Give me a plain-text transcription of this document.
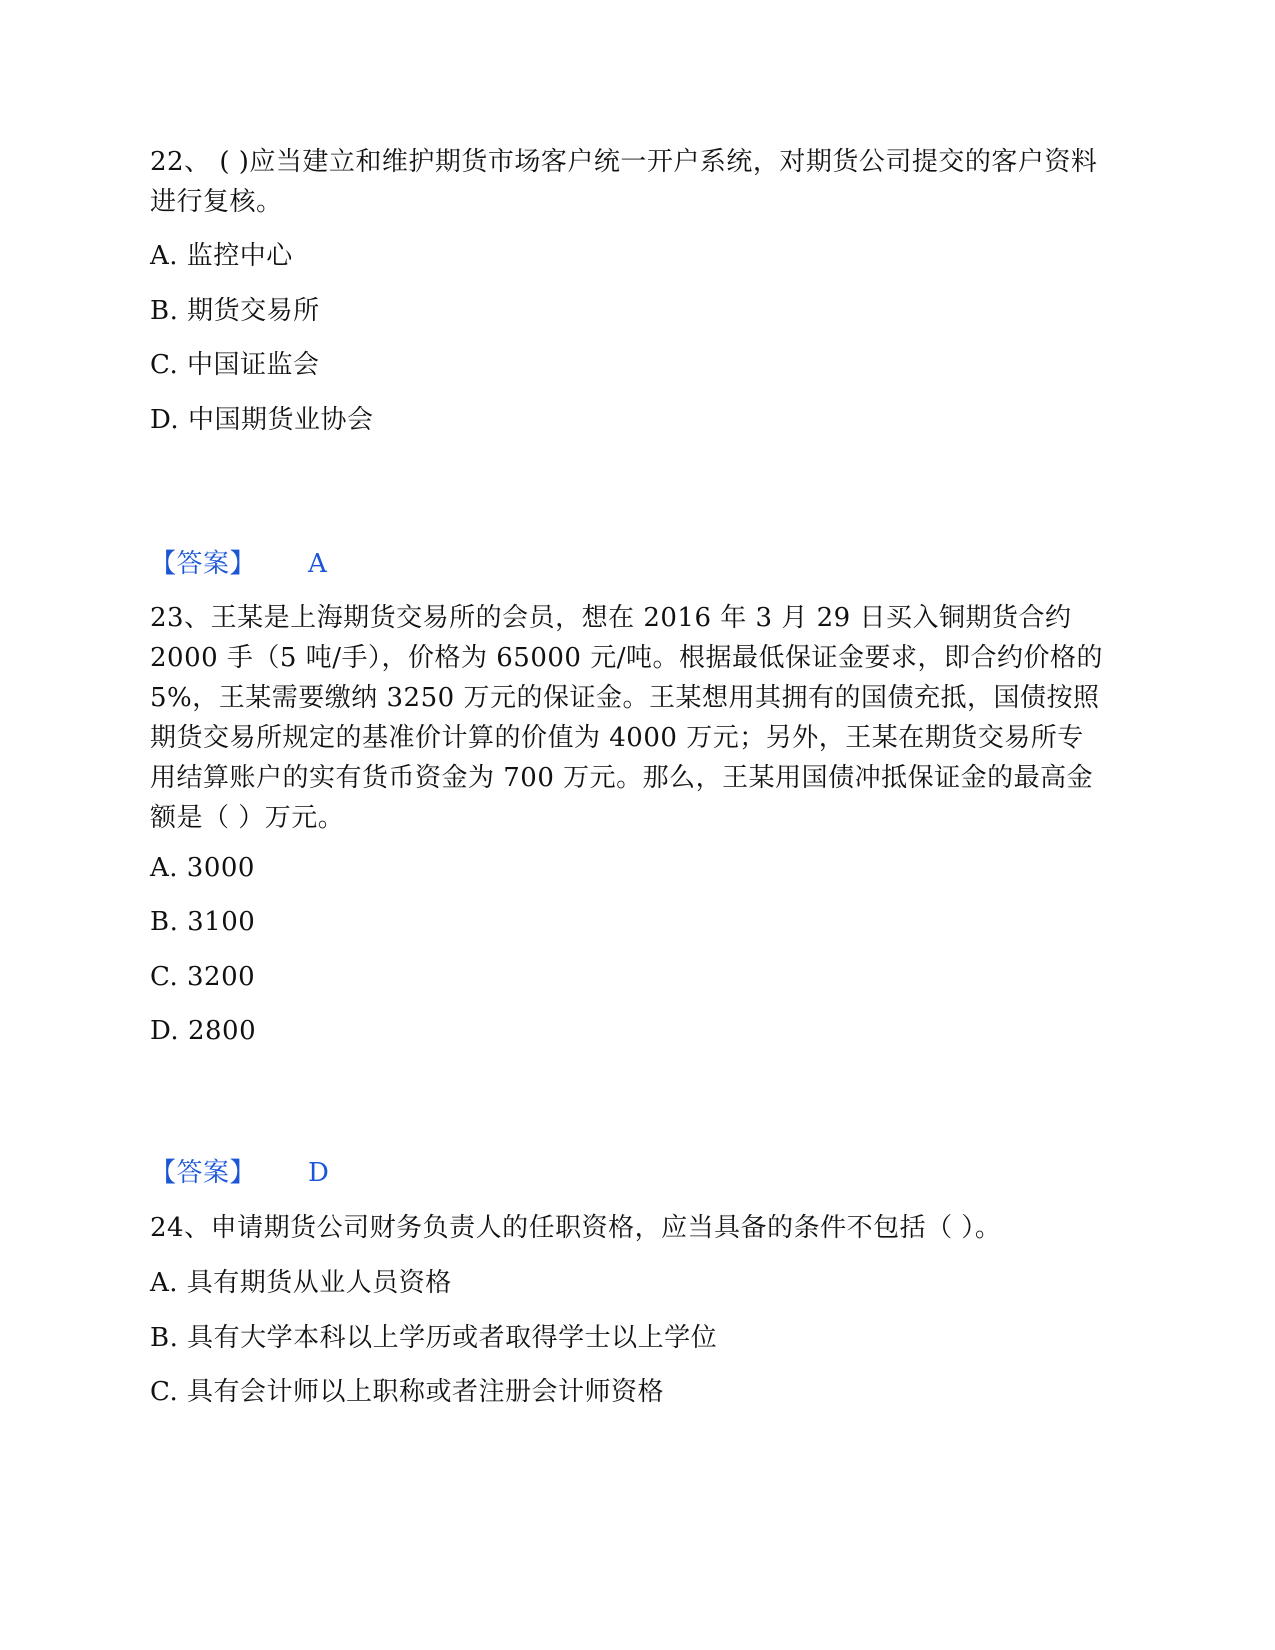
22、 ( )应当建立和维护期货市场客户统一开户系统，对期货公司提交的客户资料进行复核。

A. 监控中心

B. 期货交易所

C. 中国证监会

D. 中国期货业协会

【答案】 A

23、王某是上海期货交易所的会员，想在 2016 年 3 月 29 日买入铜期货合约 2000 手（5 吨/手），价格为 65000 元/吨。根据最低保证金要求，即合约价格的 5%，王某需要缴纳 3250 万元的保证金。王某想用其拥有的国债充抵，国债按照期货交易所规定的基准价计算的价值为 4000 万元；另外，王某在期货交易所专用结算账户的实有货币资金为 700 万元。那么，王某用国债冲抵保证金的最高金额是（ ）万元。

A. 3000

B. 3100

C. 3200

D. 2800

【答案】 D

24、申请期货公司财务负责人的任职资格，应当具备的条件不包括（ ）。

A. 具有期货从业人员资格

B. 具有大学本科以上学历或者取得学士以上学位

C. 具有会计师以上职称或者注册会计师资格
